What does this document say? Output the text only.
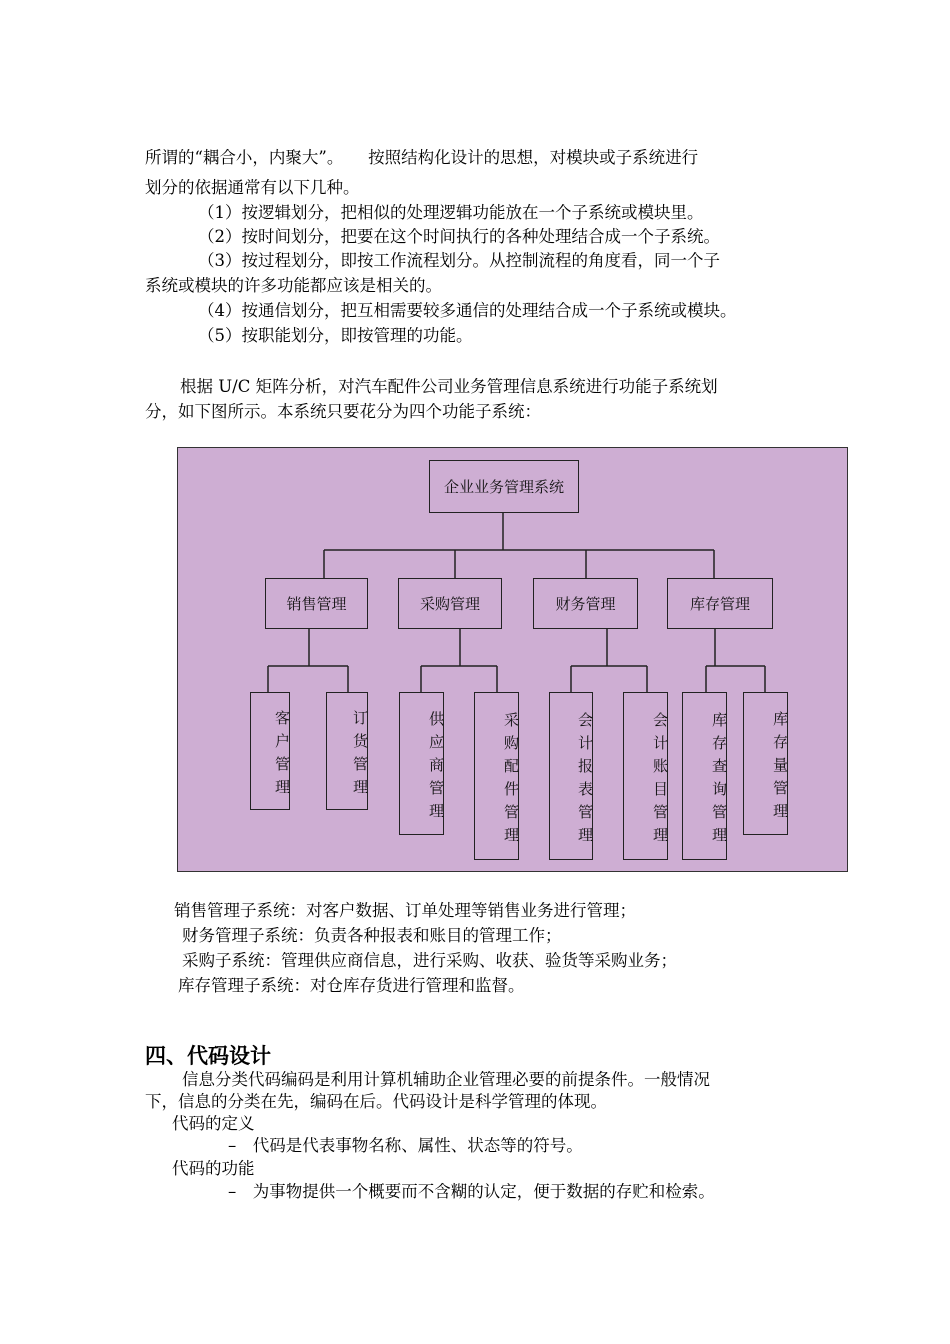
所谓的“耦合小，内聚大”。　　按照结构化设计的思想，对模块或子系统进行
划分的依据通常有以下几种。
（1）按逻辑划分，把相似的处理逻辑功能放在一个子系统或模块里。
（2）按时间划分，把要在这个时间执行的各种处理结合成一个子系统。
（3）按过程划分，即按工作流程划分。从控制流程的角度看，同一个子
系统或模块的许多功能都应该是相关的。
（4）按通信划分，把互相需要较多通信的处理结合成一个子系统或模块。
（5）按职能划分，即按管理的功能。
根据 U/C 矩阵分析，对汽车配件公司业务管理信息系统进行功能子系统划
分，如下图所示。本系统只要花分为四个功能子系统：
企业业务管理系统
销售管理	采购管理	财务管理	库存管理
客户管理	订货管理	供应商管理	采购配件管理	会计报表管理	会计账目管理	库存查询管理	库存量管理
销售管理子系统：对客户数据、订单处理等销售业务进行管理；
财务管理子系统：负责各种报表和账目的管理工作；
采购子系统：管理供应商信息，进行采购、收获、验货等采购业务；
库存管理子系统：对仓库存货进行管理和监督。
四、代码设计
信息分类代码编码是利用计算机辅助企业管理必要的前提条件。一般情况
下，信息的分类在先，编码在后。代码设计是科学管理的体现。
代码的定义
–　代码是代表事物名称、属性、状态等的符号。
代码的功能
–　为事物提供一个概要而不含糊的认定，便于数据的存贮和检索。
